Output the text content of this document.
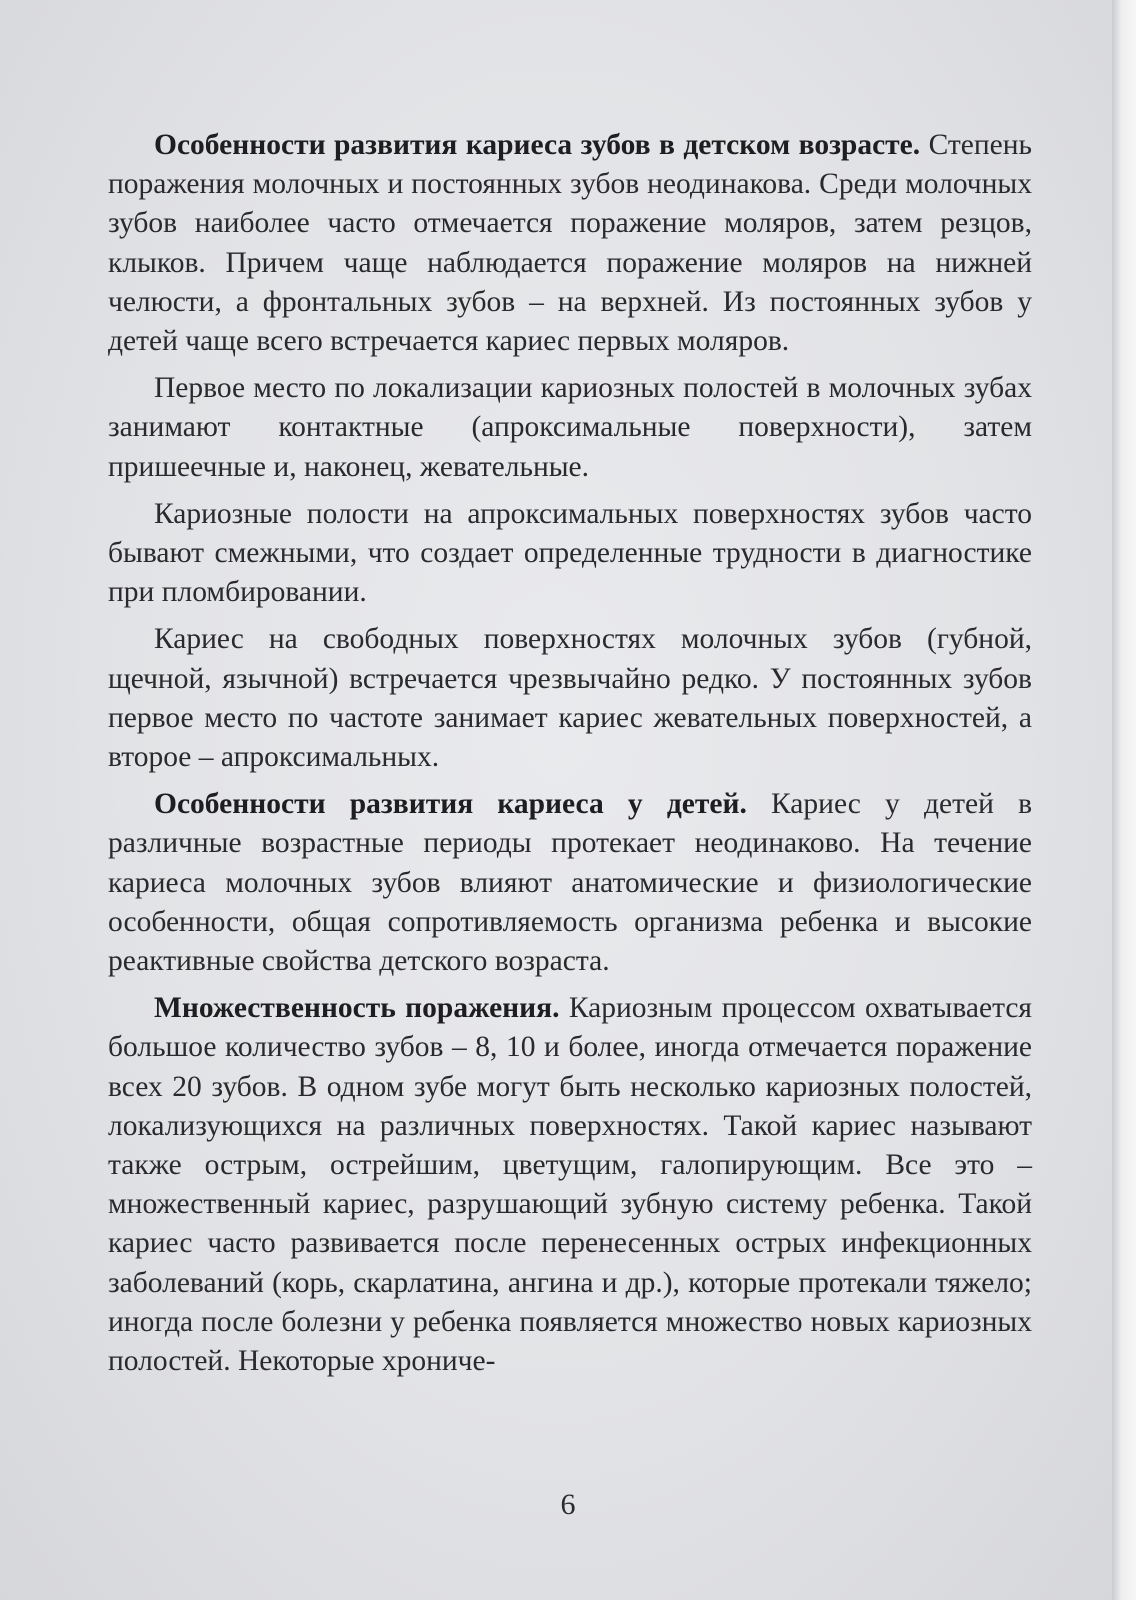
Особенности развития кариеса зубов в детском возрасте. Степень поражения молочных и постоянных зубов неодинакова. Среди молочных зубов наиболее часто отмечается поражение моляров, затем резцов, клыков. Причем чаще наблюдается поражение моляров на нижней челюсти, а фронтальных зубов – на верхней. Из постоянных зубов у детей чаще всего встречается кариес первых моляров.

Первое место по локализации кариозных полостей в молочных зубах занимают контактные (апроксимальные поверхности), затем пришеечные и, наконец, жевательные.

Кариозные полости на апроксимальных поверхностях зубов часто бывают смежными, что создает определенные трудности в диагностике при пломбировании.

Кариес на свободных поверхностях молочных зубов (губной, щечной, язычной) встречается чрезвычайно редко. У постоянных зубов первое место по частоте занимает кариес жевательных поверхностей, а второе – апроксимальных.

Особенности развития кариеса у детей. Кариес у детей в различные возрастные периоды протекает неодинаково. На течение кариеса молочных зубов влияют анатомические и физиологические особенности, общая сопротивляемость организма ребенка и высокие реактивные свойства детского возраста.

Множественность поражения. Кариозным процессом охватывается большое количество зубов – 8, 10 и более, иногда отмечается поражение всех 20 зубов. В одном зубе могут быть несколько кариозных полостей, локализующихся на различных поверхностях. Такой кариес называют также острым, острейшим, цветущим, галопирующим. Все это – множественный кариес, разрушающий зубную систему ребенка. Такой кариес часто развивается после перенесенных острых инфекционных заболеваний (корь, скарлатина, ангина и др.), которые протекали тяжело; иногда после болезни у ребенка появляется множество новых кариозных полостей. Некоторые хрониче-

6
